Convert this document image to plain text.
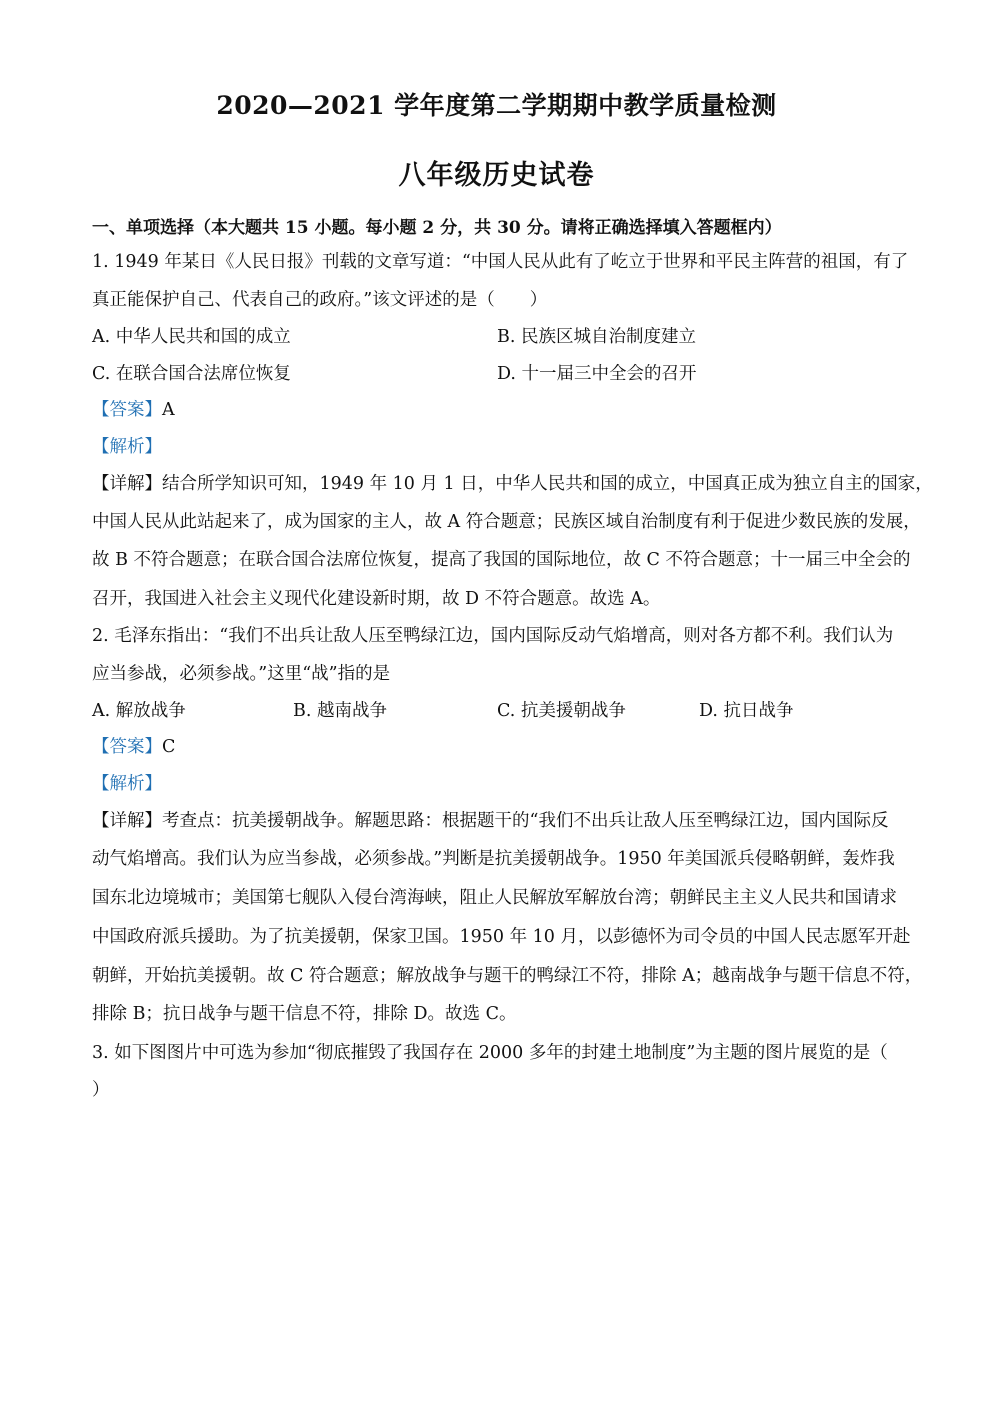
2020—2021 学年度第二学期期中教学质量检测
八年级历史试卷
一、单项选择（本大题共 15 小题。每小题 2 分，共 30 分。请将正确选择填入答题框内）
1. 1949 年某日《人民日报》刊载的文章写道：“中国人民从此有了屹立于世界和平民主阵营的祖国，有了
真正能保护自己、代表自己的政府。”该文评述的是（　　）
A. 中华人民共和国的成立	B. 民族区城自治制度建立
C. 在联合国合法席位恢复	D. 十一届三中全会的召开
【答案】A
【解析】
【详解】结合所学知识可知，1949 年 10 月 1 日，中华人民共和国的成立，中国真正成为独立自主的国家，
中国人民从此站起来了，成为国家的主人，故 A 符合题意；民族区域自治制度有利于促进少数民族的发展，
故 B 不符合题意；在联合国合法席位恢复，提高了我国的国际地位，故 C 不符合题意；十一届三中全会的
召开，我国进入社会主义现代化建设新时期，故 D 不符合题意。故选 A。
2. 毛泽东指出：“我们不出兵让敌人压至鸭绿江边，国内国际反动气焰增高，则对各方都不利。我们认为
应当参战，必须参战。”这里“战”指的是
A. 解放战争	B. 越南战争	C. 抗美援朝战争	D. 抗日战争
【答案】C
【解析】
【详解】考查点：抗美援朝战争。解题思路：根据题干的“我们不出兵让敌人压至鸭绿江边，国内国际反
动气焰增高。我们认为应当参战，必须参战。”判断是抗美援朝战争。1950 年美国派兵侵略朝鲜，轰炸我
国东北边境城市；美国第七舰队入侵台湾海峡，阻止人民解放军解放台湾；朝鲜民主主义人民共和国请求
中国政府派兵援助。为了抗美援朝，保家卫国。1950 年 10 月，以彭德怀为司令员的中国人民志愿军开赴
朝鲜，开始抗美援朝。故 C 符合题意；解放战争与题干的鸭绿江不符，排除 A；越南战争与题干信息不符，
排除 B；抗日战争与题干信息不符，排除 D。故选 C。
3. 如下图图片中可选为参加“彻底摧毁了我国存在 2000 多年的封建土地制度”为主题的图片展览的是（
）
